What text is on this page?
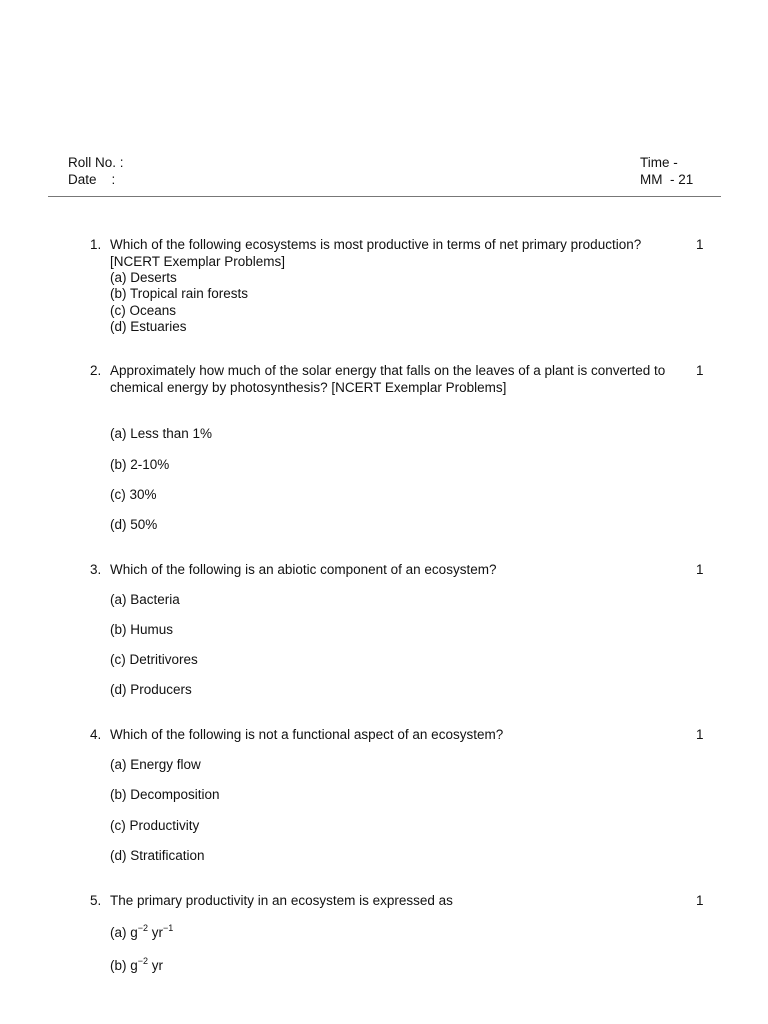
Roll No. :
Date    :
Time -
MM  - 21
1. Which of the following ecosystems is most productive in terms of net primary production? [NCERT Exemplar Problems]
1
(a) Deserts
(b) Tropical rain forests
(c) Oceans
(d) Estuaries
2. Approximately how much of the solar energy that falls on the leaves of a plant is converted to chemical energy by photosynthesis? [NCERT Exemplar Problems]
1
(a) Less than 1%
(b) 2-10%
(c) 30%
(d) 50%
3. Which of the following is an abiotic component of an ecosystem?	1
(a) Bacteria
(b) Humus
(c) Detritivores
(d) Producers
4. Which of the following is not a functional aspect of an ecosystem?	1
(a) Energy flow
(b) Decomposition
(c) Productivity
(d) Stratification
5. The primary productivity in an ecosystem is expressed as	1
(a) $g^{-2}$ $yr^{-1}$
(b) $g^{-2}$ yr
